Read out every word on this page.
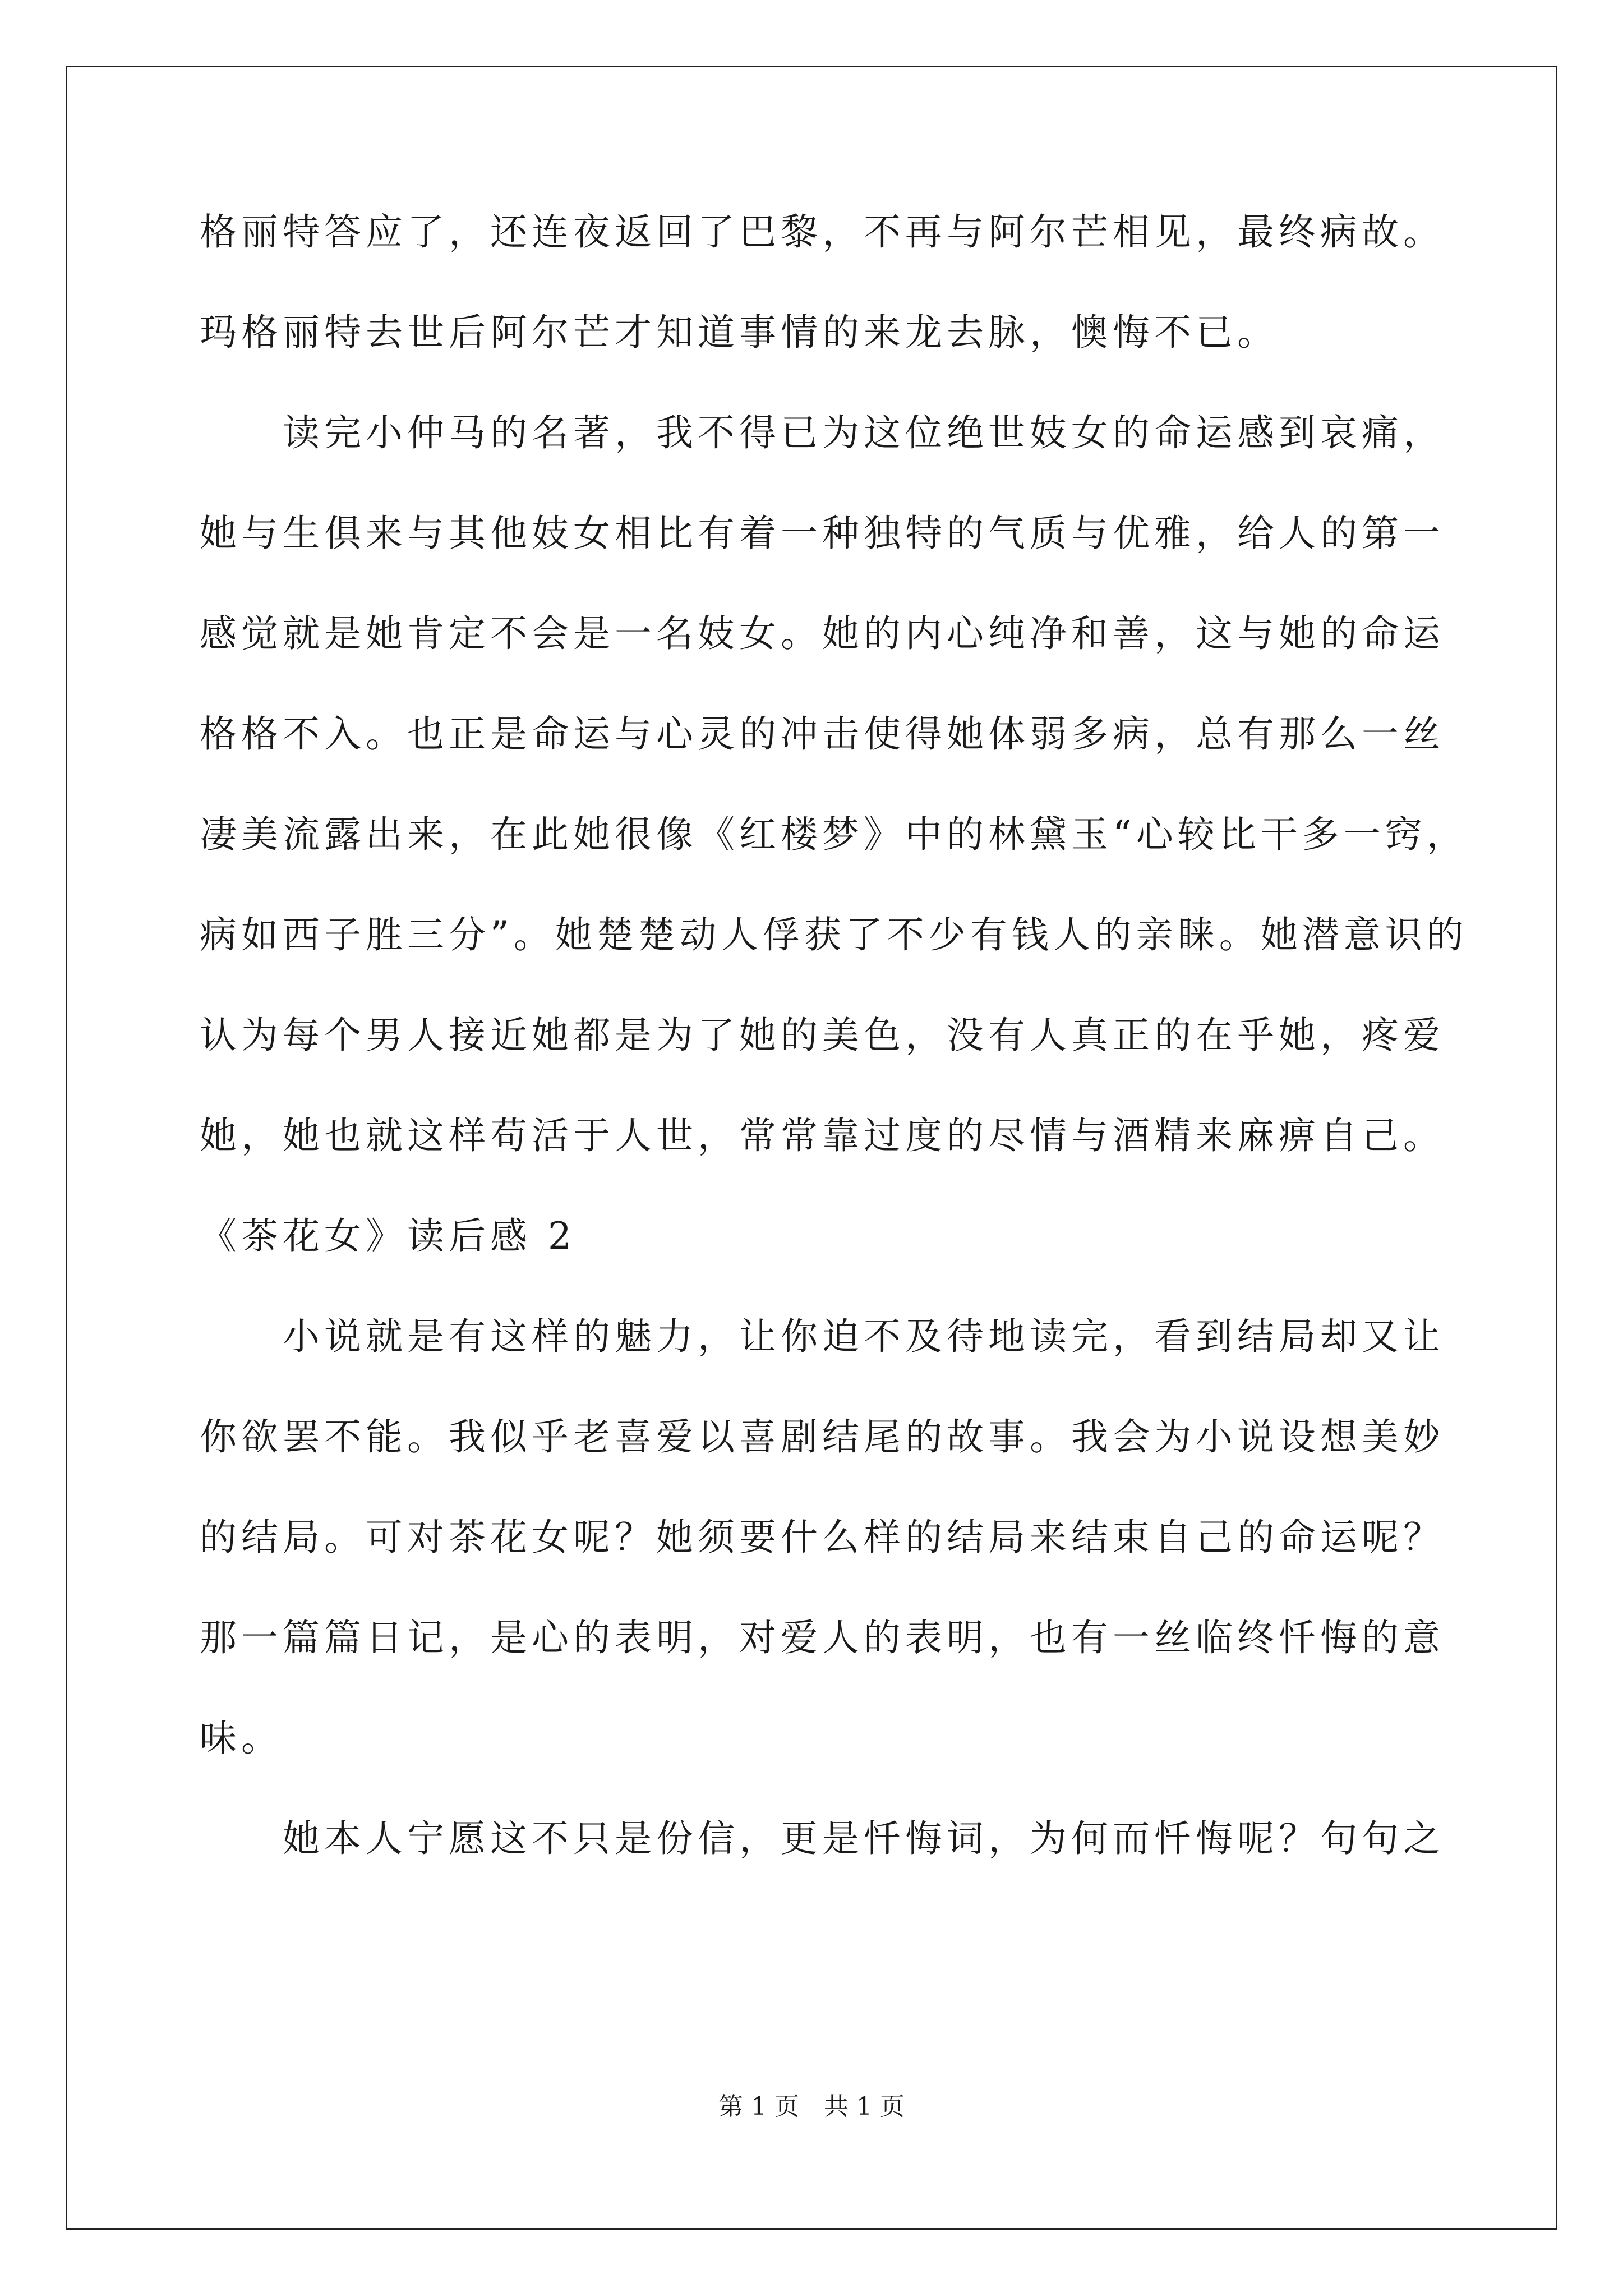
格丽特答应了，还连夜返回了巴黎，不再与阿尔芒相见，最终病故。
玛格丽特去世后阿尔芒才知道事情的来龙去脉，懊悔不已。
　　读完小仲马的名著，我不得已为这位绝世妓女的命运感到哀痛，
她与生俱来与其他妓女相比有着一种独特的气质与优雅，给人的第一
感觉就是她肯定不会是一名妓女。她的内心纯净和善，这与她的命运
格格不入。也正是命运与心灵的冲击使得她体弱多病，总有那么一丝
凄美流露出来，在此她很像《红楼梦》中的林黛玉“心较比干多一窍，
病如西子胜三分”。她楚楚动人俘获了不少有钱人的亲睐。她潜意识的
认为每个男人接近她都是为了她的美色，没有人真正的在乎她，疼爱
她，她也就这样苟活于人世，常常靠过度的尽情与酒精来麻痹自己。
《茶花女》读后感 2
　　小说就是有这样的魅力，让你迫不及待地读完，看到结局却又让
你欲罢不能。我似乎老喜爱以喜剧结尾的故事。我会为小说设想美妙
的结局。可对茶花女呢？她须要什么样的结局来结束自己的命运呢？
那一篇篇日记，是心的表明，对爱人的表明，也有一丝临终忏悔的意
味。
　　她本人宁愿这不只是份信，更是忏悔词，为何而忏悔呢？句句之
第 1 页　共 1 页
